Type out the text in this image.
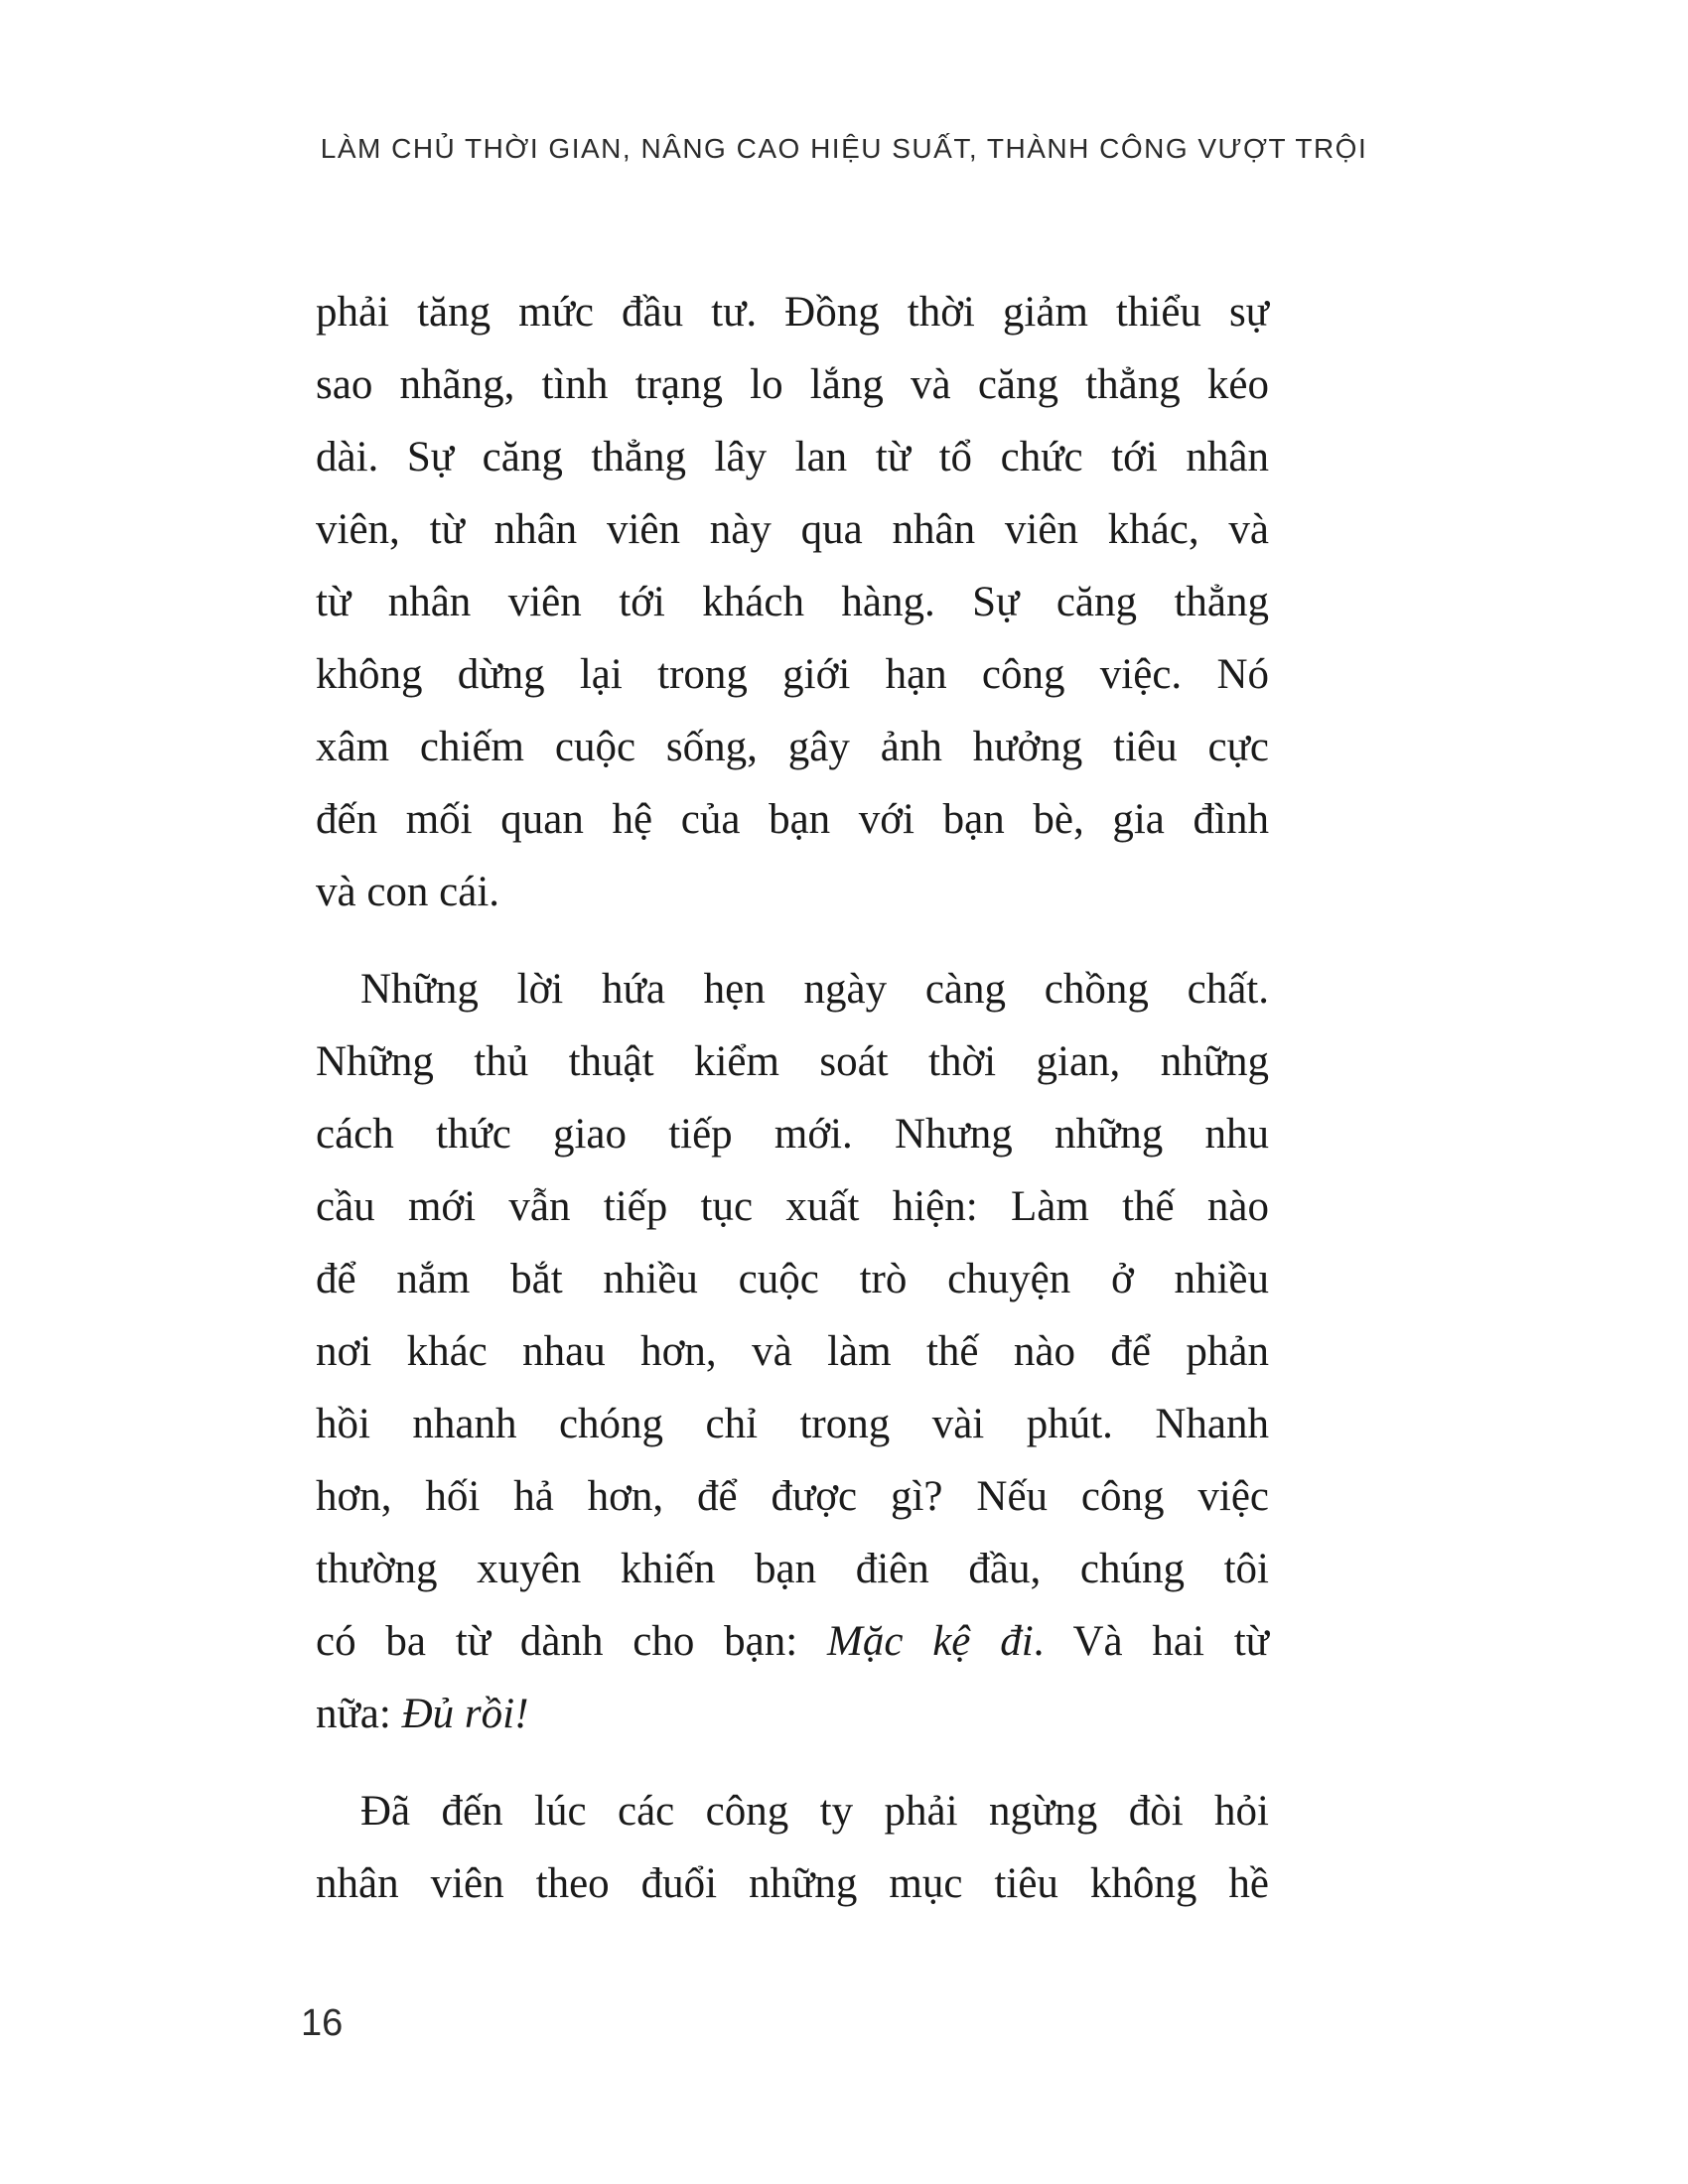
LÀM CHỦ THỜI GIAN, NÂNG CAO HIỆU SUẤT, THÀNH CÔNG VƯỢT TRỘI
phải tăng mức đầu tư. Đồng thời giảm thiểu sự
sao nhãng, tình trạng lo lắng và căng thẳng kéo
dài. Sự căng thẳng lây lan từ tổ chức tới nhân
viên, từ nhân viên này qua nhân viên khác, và
từ nhân viên tới khách hàng. Sự căng thẳng
không dừng lại trong giới hạn công việc. Nó
xâm chiếm cuộc sống, gây ảnh hưởng tiêu cực
đến mối quan hệ của bạn với bạn bè, gia đình
và con cái.
Những lời hứa hẹn ngày càng chồng chất.
Những thủ thuật kiểm soát thời gian, những
cách thức giao tiếp mới. Nhưng những nhu
cầu mới vẫn tiếp tục xuất hiện: Làm thế nào
để nắm bắt nhiều cuộc trò chuyện ở nhiều
nơi khác nhau hơn, và làm thế nào để phản
hồi nhanh chóng chỉ trong vài phút. Nhanh
hơn, hối hả hơn, để được gì? Nếu công việc
thường xuyên khiến bạn điên đầu, chúng tôi
có ba từ dành cho bạn: Mặc kệ đi. Và hai từ
nữa: Đủ rồi!
Đã đến lúc các công ty phải ngừng đòi hỏi
nhân viên theo đuổi những mục tiêu không hề
16
